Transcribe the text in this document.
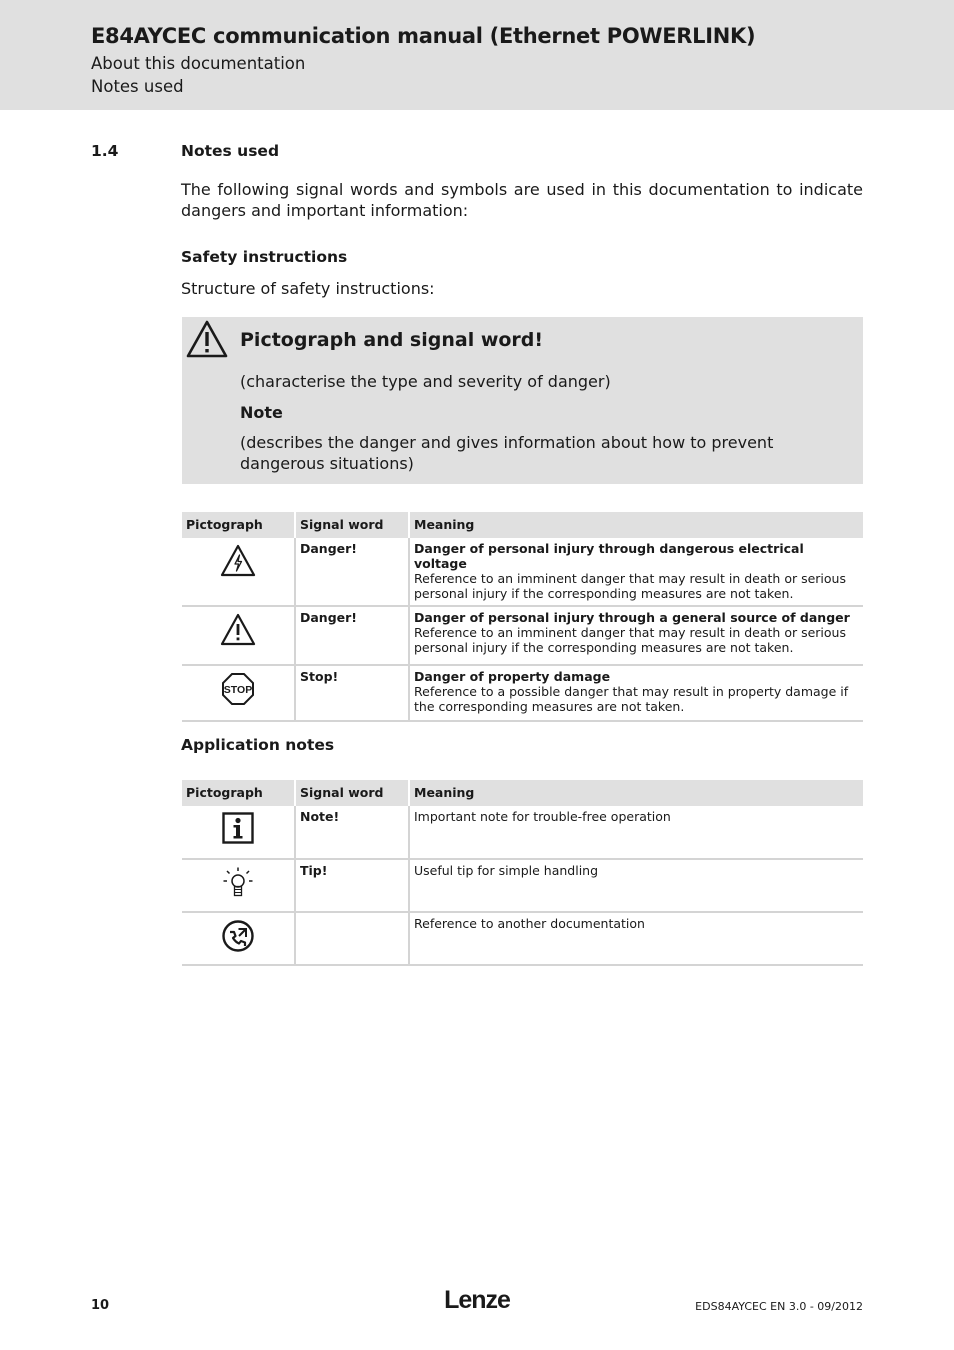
E84AYCEC communication manual (Ethernet POWERLINK)
About this documentation
Notes used
1.4	Notes used
The following signal words and symbols are used in this documentation to indicate dangers and important information:
Safety instructions
Structure of safety instructions:
Pictograph and signal word!
(characterise the type and severity of danger)
Note
(describes the danger and gives information about how to prevent dangerous situations)
Pictograph	Signal word	Meaning
	Danger!	Danger of personal injury through dangerous electrical voltage
Reference to an imminent danger that may result in death or serious personal injury if the corresponding measures are not taken.
	Danger!	Danger of personal injury through a general source of danger
Reference to an imminent danger that may result in death or serious personal injury if the corresponding measures are not taken.

STOP	Stop!	Danger of property damage
Reference to a possible danger that may result in property damage if the corresponding measures are not taken.
Application notes
Pictograph	Signal word	Meaning
	Note!	Important note for trouble-free operation
	Tip!	Useful tip for simple handling
		Reference to another documentation
10	Lenze	EDS84AYCEC EN 3.0 - 09/2012
